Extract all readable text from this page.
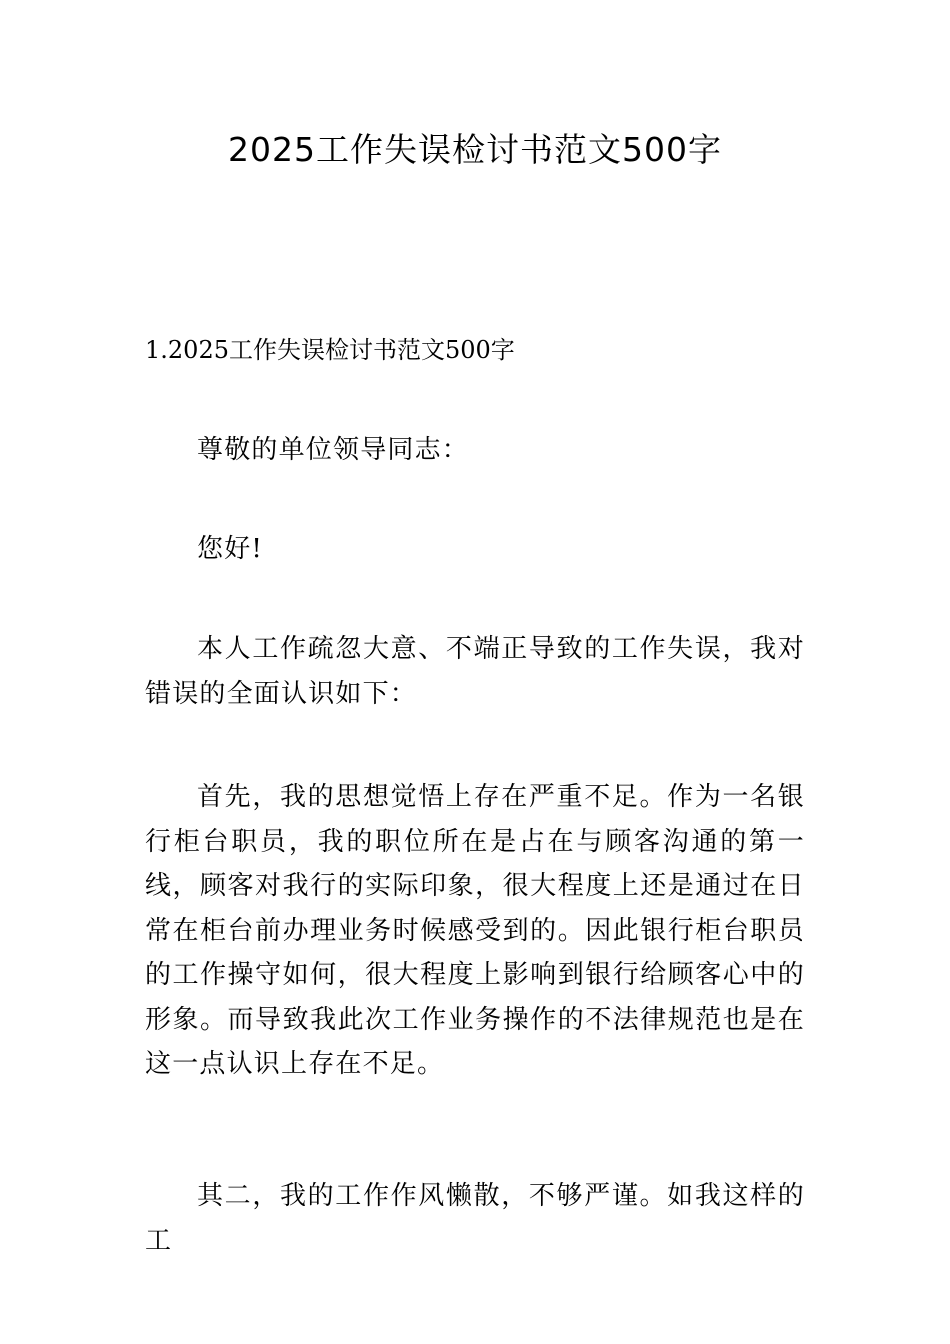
2025工作失误检讨书范文500字
1.2025工作失误检讨书范文500字

尊敬的单位领导同志：

您好!

本人工作疏忽大意、不端正导致的工作失误，我对错误的全面认识如下：

首先，我的思想觉悟上存在严重不足。作为一名银行柜台职员，我的职位所在是占在与顾客沟通的第一线，顾客对我行的实际印象，很大程度上还是通过在日常在柜台前办理业务时候感受到的。因此银行柜台职员的工作操守如何，很大程度上影响到银行给顾客心中的形象。而导致我此次工作业务操作的不法律规范也是在这一点认识上存在不足。

其二，我的工作作风懒散，不够严谨。如我这样的工
